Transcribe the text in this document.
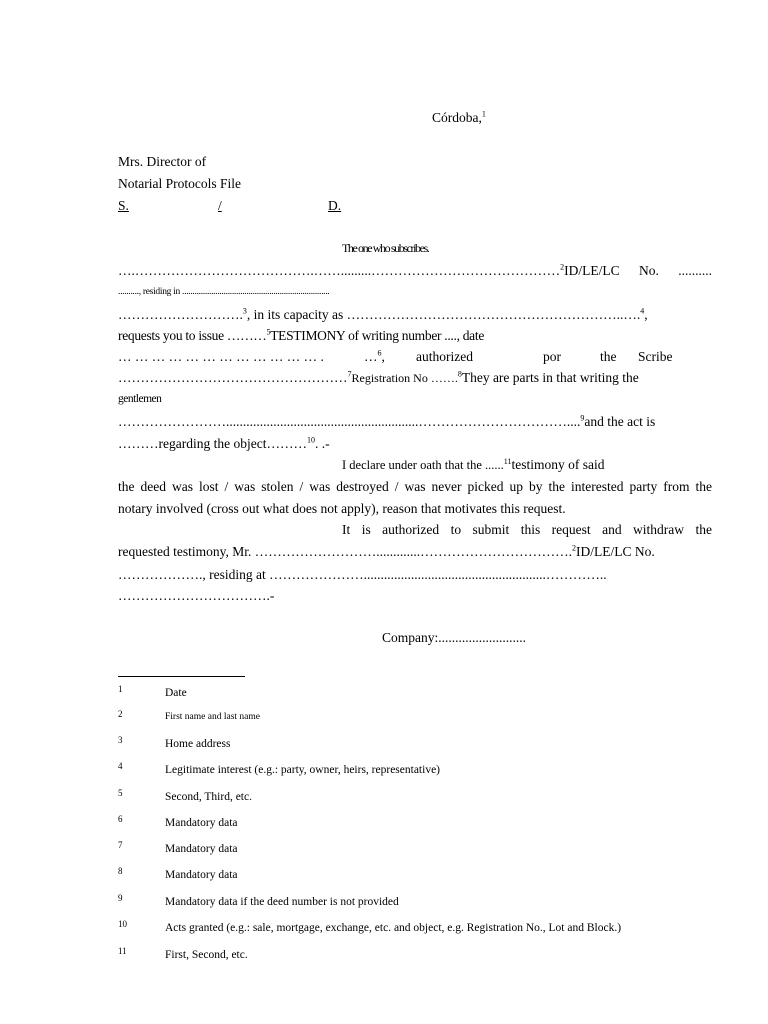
Córdoba,$^1$
Mrs. Director of
Notarial Protocols File
S.	/	D.
The one who subscribes.
….………………………………….…….........……………………………………$^2$ID/LE/LC No. ..........
.........., residing in .......................................................................
……………………….$^3$, in its capacity as ……………………………………………………..….$^4$,
requests you to issue ………$^5$TESTIMONY of writing number ...., date
… … … … … … … … … … … … .	…$^6$, authorized	por	the Scribe
……………………………………………$^7$Registration No …….$^8$They are parts in that writing the
gentlemen
…………………….........................................................……………………………....$^9$and the act is
………regarding the object………$^{10}$. .-
I declare under oath that the ......$^{11}$testimony of said
the deed was lost / was stolen / was destroyed / was never picked up by the interested party from the
notary involved (cross out what does not apply), reason that motivates this request.
It is authorized to submit this request and withdraw the
requested testimony, Mr. ……………………….............…………………………….$^2$ID/LE/LC No.
………………., residing at …………………......................................................…………..
…………………………….-
Company:..........................
1	Date
2	First name and last name
3	Home address
4	Legitimate interest (e.g.: party, owner, heirs, representative)
5	Second, Third, etc.
6	Mandatory data
7	Mandatory data
8	Mandatory data
9	Mandatory data if the deed number is not provided
10	Acts granted (e.g.: sale, mortgage, exchange, etc. and object, e.g. Registration No., Lot and Block.)
11	First, Second, etc.
